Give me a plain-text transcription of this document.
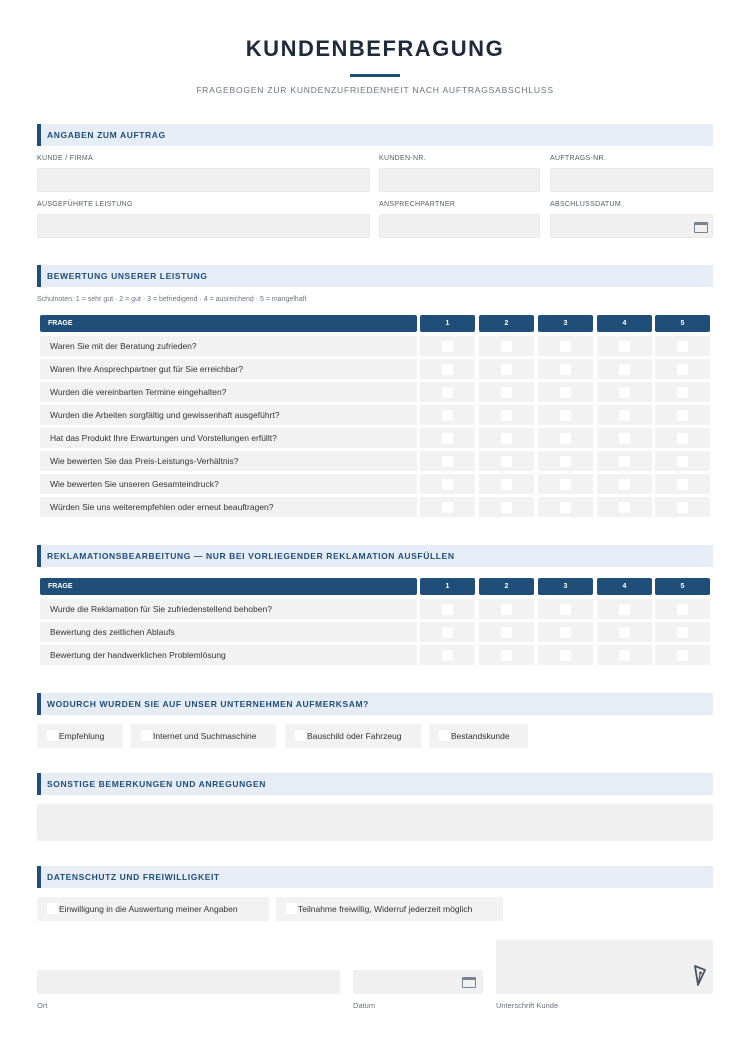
KUNDENBEFRAGUNG
FRAGEBOGEN ZUR KUNDENZUFRIEDENHEIT NACH AUFTRAGSABSCHLUSS
ANGABEN ZUM AUFTRAG
KUNDE / FIRMA	KUNDEN-NR.	AUFTRAGS-NR.
AUSGEFÜHRTE LEISTUNG	ANSPRECHPARTNER	ABSCHLUSSDATUM
BEWERTUNG UNSERER LEISTUNG
Schulnoten: 1 = sehr gut · 2 = gut · 3 = befriedigend · 4 = ausreichend · 5 = mangelhaft
FRAGE	1	2	3	4	5
Waren Sie mit der Beratung zufrieden?
Waren Ihre Ansprechpartner gut für Sie erreichbar?
Wurden die vereinbarten Termine eingehalten?
Wurden die Arbeiten sorgfältig und gewissenhaft ausgeführt?
Hat das Produkt Ihre Erwartungen und Vorstellungen erfüllt?
Wie bewerten Sie das Preis-Leistungs-Verhältnis?
Wie bewerten Sie unseren Gesamteindruck?
Würden Sie uns weiterempfehlen oder erneut beauftragen?
REKLAMATIONSBEARBEITUNG — NUR BEI VORLIEGENDER REKLAMATION AUSFÜLLEN
FRAGE	1	2	3	4	5
Wurde die Reklamation für Sie zufriedenstellend behoben?
Bewertung des zeitlichen Ablaufs
Bewertung der handwerklichen Problemlösung
WODURCH WURDEN SIE AUF UNSER UNTERNEHMEN AUFMERKSAM?
Empfehlung	Internet und Suchmaschine	Bauschild oder Fahrzeug	Bestandskunde
SONSTIGE BEMERKUNGEN UND ANREGUNGEN
DATENSCHUTZ UND FREIWILLIGKEIT
Einwilligung in die Auswertung meiner Angaben	Teilnahme freiwillig, Widerruf jederzeit möglich
Ort	Datum	Unterschrift Kunde
